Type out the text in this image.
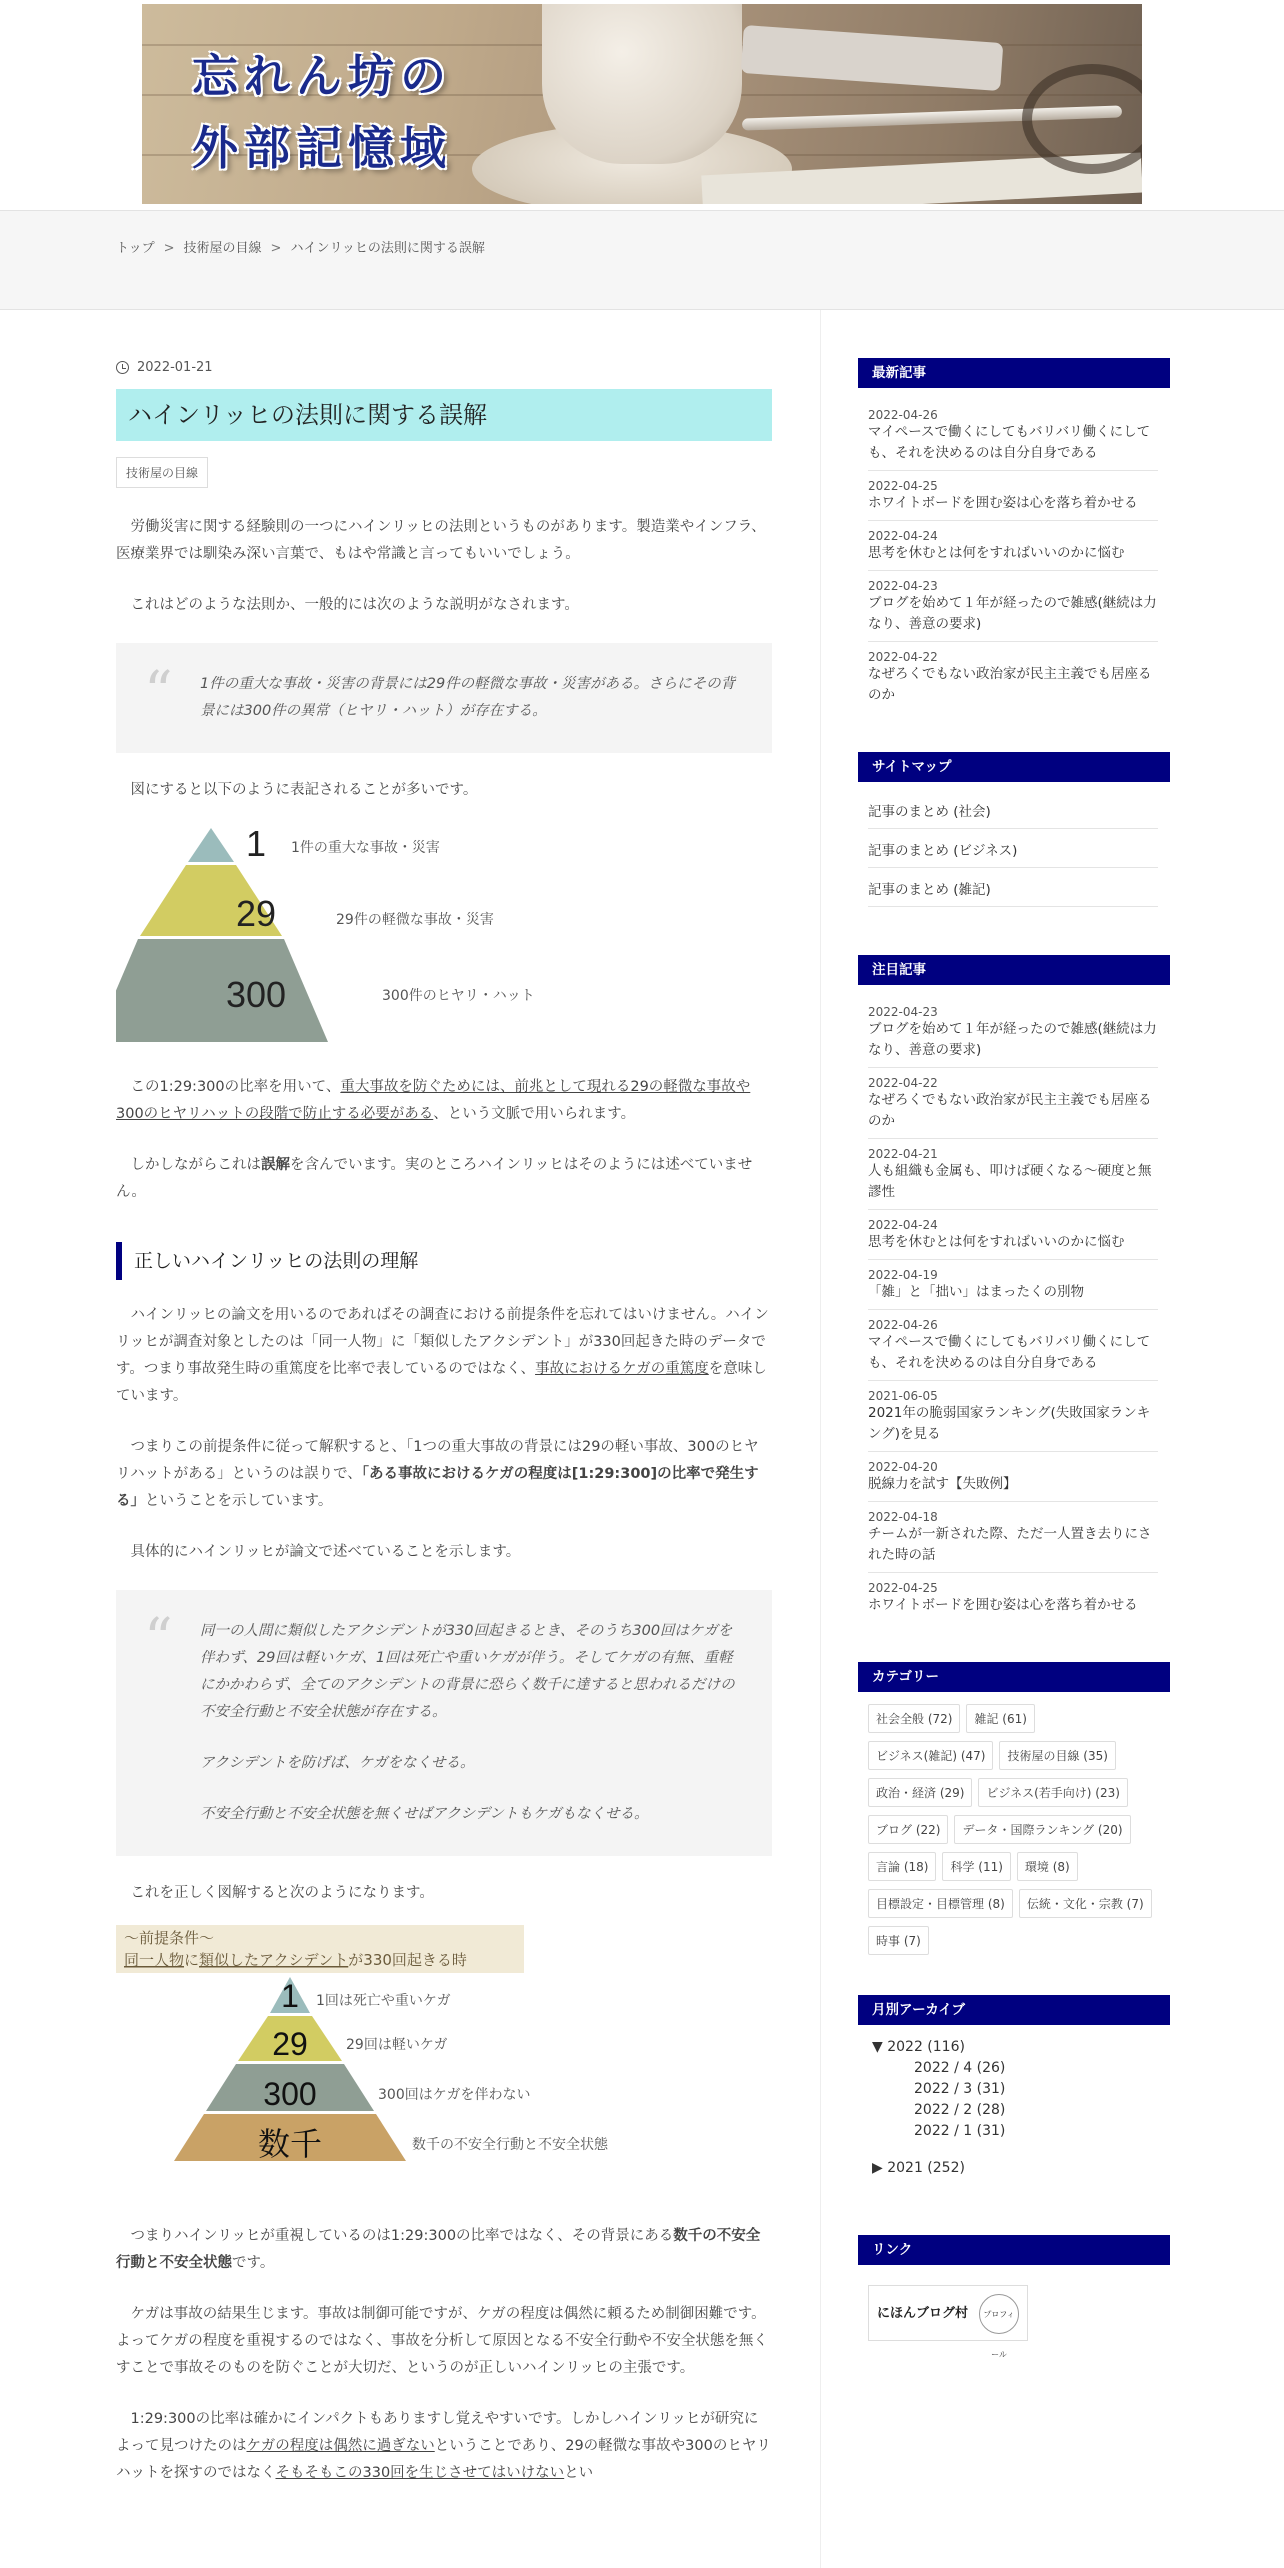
忘れん坊の
外部記憶域
トップ > 技術屋の目線 > ハインリッヒの法則に関する誤解
2022-01-21
ハインリッヒの法則に関する誤解
技術屋の目線

労働災害に関する経験則の一つにハインリッヒの法則というものがあります。製造業やインフラ、医療業界では馴染み深い言葉で、もはや常識と言ってもいいでしょう。

これはどのような法則か、一般的には次のような説明がなされます。

“ 1件の重大な事故・災害の背景には29件の軽微な事故・災害がある。さらにその背景には300件の異常（ヒヤリ・ハット）が存在する。

図にすると以下のように表記されることが多いです。

1
29
300
1件の重大な事故・災害
29件の軽微な事故・災害
300件のヒヤリ・ハット

この1:29:300の比率を用いて、重大事故を防ぐためには、前兆として現れる29の軽微な事故や300のヒヤリハットの段階で防止する必要がある、という文脈で用いられます。

しかしながらこれは誤解を含んでいます。実のところハインリッヒはそのようには述べていません。

正しいハインリッヒの法則の理解

ハインリッヒの論文を用いるのであればその調査における前提条件を忘れてはいけません。ハインリッヒが調査対象としたのは「同一人物」に「類似したアクシデント」が330回起きた時のデータです。つまり事故発生時の重篤度を比率で表しているのではなく、事故におけるケガの重篤度を意味しています。

つまりこの前提条件に従って解釈すると、「1つの重大事故の背景には29の軽い事故、300のヒヤリハットがある」というのは誤りで、「ある事故におけるケガの程度は[1:29:300]の比率で発生する」ということを示しています。

具体的にハインリッヒが論文で述べていることを示します。

“ 同一の人間に類似したアクシデントが330回起きるとき、そのうち300回はケガを伴わず、29回は軽いケガ、1回は死亡や重いケガが伴う。そしてケガの有無、重軽にかかわらず、全てのアクシデントの背景に恐らく数千に達すると思われるだけの不安全行動と不安全状態が存在する。

アクシデントを防げば、ケガをなくせる。

不安全行動と不安全状態を無くせばアクシデントもケガもなくせる。

これを正しく図解すると次のようになります。

〜前提条件〜
同一人物に類似したアクシデントが330回起きる時
1
29
300
数千
1回は死亡や重いケガ
29回は軽いケガ
300回はケガを伴わない
数千の不安全行動と不安全状態

つまりハインリッヒが重視しているのは1:29:300の比率ではなく、その背景にある数千の不安全行動と不安全状態です。

ケガは事故の結果生じます。事故は制御可能ですが、ケガの程度は偶然に頼るため制御困難です。よってケガの程度を重視するのではなく、事故を分析して原因となる不安全行動や不安全状態を無くすことで事故そのものを防ぐことが大切だ、というのが正しいハインリッヒの主張です。

1:29:300の比率は確かにインパクトもありますし覚えやすいです。しかしハインリッヒが研究によって見つけたのはケガの程度は偶然に過ぎないということであり、29の軽微な事故や300のヒヤリハットを探すのではなくそもそもこの330回を生じさせてはいけないとい

最新記事
2022-04-26
マイペースで働くにしてもバリバリ働くにしても、それを決めるのは自分自身である
2022-04-25
ホワイトボードを囲む姿は心を落ち着かせる
2022-04-24
思考を休むとは何をすればいいのかに悩む
2022-04-23
ブログを始めて１年が経ったので雑感(継続は力なり、善意の要求)
2022-04-22
なぜろくでもない政治家が民主主義でも居座るのか
サイトマップ
記事のまとめ (社会)
記事のまとめ (ビジネス)
記事のまとめ (雑記)
注目記事
2022-04-23
ブログを始めて１年が経ったので雑感(継続は力なり、善意の要求)
2022-04-22
なぜろくでもない政治家が民主主義でも居座るのか
2022-04-21
人も組織も金属も、叩けば硬くなる～硬度と無謬性
2022-04-24
思考を休むとは何をすればいいのかに悩む
2022-04-19
「雑」と「拙い」はまったくの別物
2022-04-26
マイペースで働くにしてもバリバリ働くにしても、それを決めるのは自分自身である
2021-06-05
2021年の脆弱国家ランキング(失敗国家ランキング)を見る
2022-04-20
脱線力を試す【失敗例】
2022-04-18
チームが一新された際、ただ一人置き去りにされた時の話
2022-04-25
ホワイトボードを囲む姿は心を落ち着かせる
カテゴリー
社会全般 (72)	雑記 (61)
ビジネス(雑記) (47)	技術屋の目線 (35)
政治・経済 (29)	ビジネス(若手向け) (23)
ブログ (22)	データ・国際ランキング (20)
言論 (18)	科学 (11)	環境 (8)
目標設定・目標管理 (8)	伝統・文化・宗教 (7)
時事 (7)
月別アーカイブ
▼ 2022 (116)
2022 / 4 (26)
2022 / 3 (31)
2022 / 2 (28)
2022 / 1 (31)
▶ 2021 (252)
リンク
にほんブログ村	プロフィール
